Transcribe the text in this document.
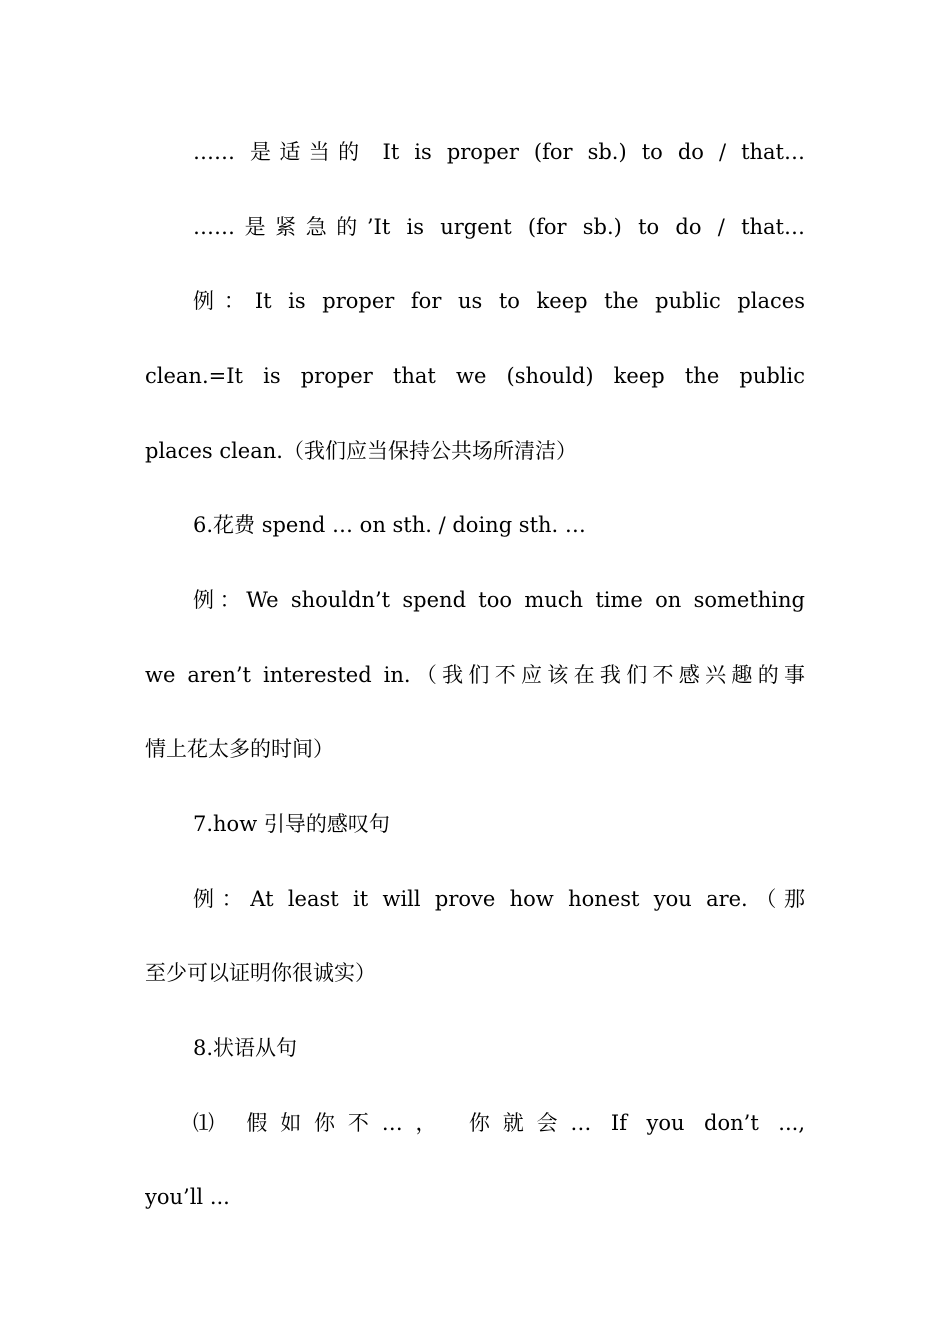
…… 是适当的 It is proper (for sb.) to do / that…
……是紧急的’It is urgent (for sb.) to do / that…
例：It is proper for us to keep the public places
clean.=It is proper that we (should) keep the public
places clean.（我们应当保持公共场所清洁）
6.花费 spend … on sth. / doing sth. …
例：We shouldn’t spend too much time on something
we aren’t interested in.（我们不应该在我们不感兴趣的事
情上花太多的时间）
7.how 引导的感叹句
例：At least it will prove how honest you are.（那
至少可以证明你很诚实）
8.状语从句
⑴ 假如你不…， 你就会… If you don’t ...,
you’ll ...
